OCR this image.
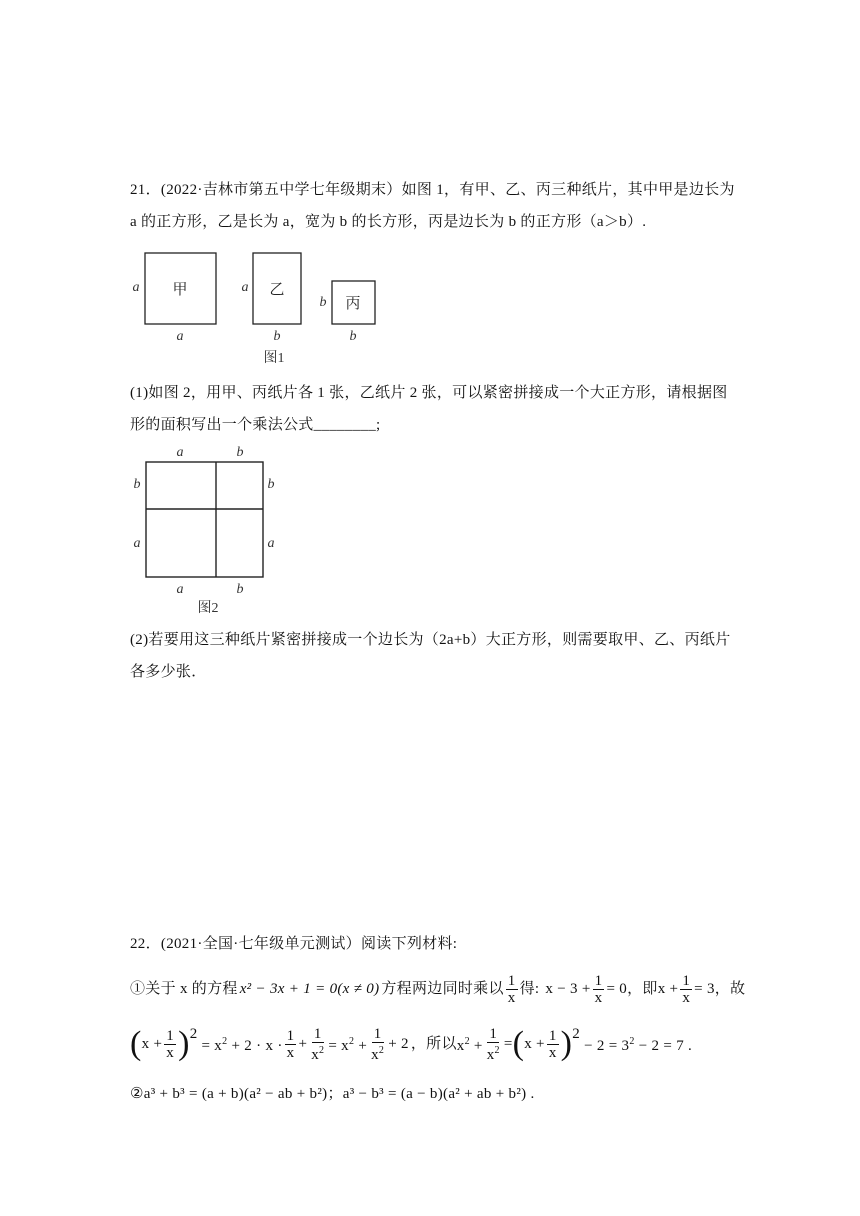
21．(2022·吉林市第五中学七年级期末）如图 1，有甲、乙、丙三种纸片，其中甲是边长为
a 的正方形，乙是长为 a，宽为 b 的长方形，丙是边长为 b 的正方形（a＞b）.
甲
a
a
乙
a
b
丙
b
b
图1
(1)如图 2，用甲、丙纸片各 1 张，乙纸片 2 张，可以紧密拼接成一个大正方形，请根据图
形的面积写出一个乘法公式________;
a	b
b
a
b
a
a	b
图2
(2)若要用这三种纸片紧密拼接成一个边长为（2a+b）大正方形，则需要取甲、乙、丙纸片
各多少张．
22．(2021·全国·七年级单元测试）阅读下列材料:
①关于 x 的方程 x² − 3x + 1 = 0(x ≠ 0) 方程两边同时乘以 $\frac{1}{x}$ 得: $x - 3 + \frac{1}{x} = 0$ ，即 $x + \frac{1}{x} = 3$，故
( $x + \frac{1}{x}$ ) 2
= $x^2 + 2 \cdot x \cdot \frac{1}{x} + \frac{1}{x^2} = x^2 + \frac{1}{x^2} + 2$ ，所以 $x^2 + \frac{1}{x^2}$ = ( $x + \frac{1}{x}$ ) 2
− $2 = 3^2 - 2 = 7$ .
②a³ + b³ = (a + b)(a² − ab + b²)；a³ − b³ = (a − b)(a² + ab + b²) .
